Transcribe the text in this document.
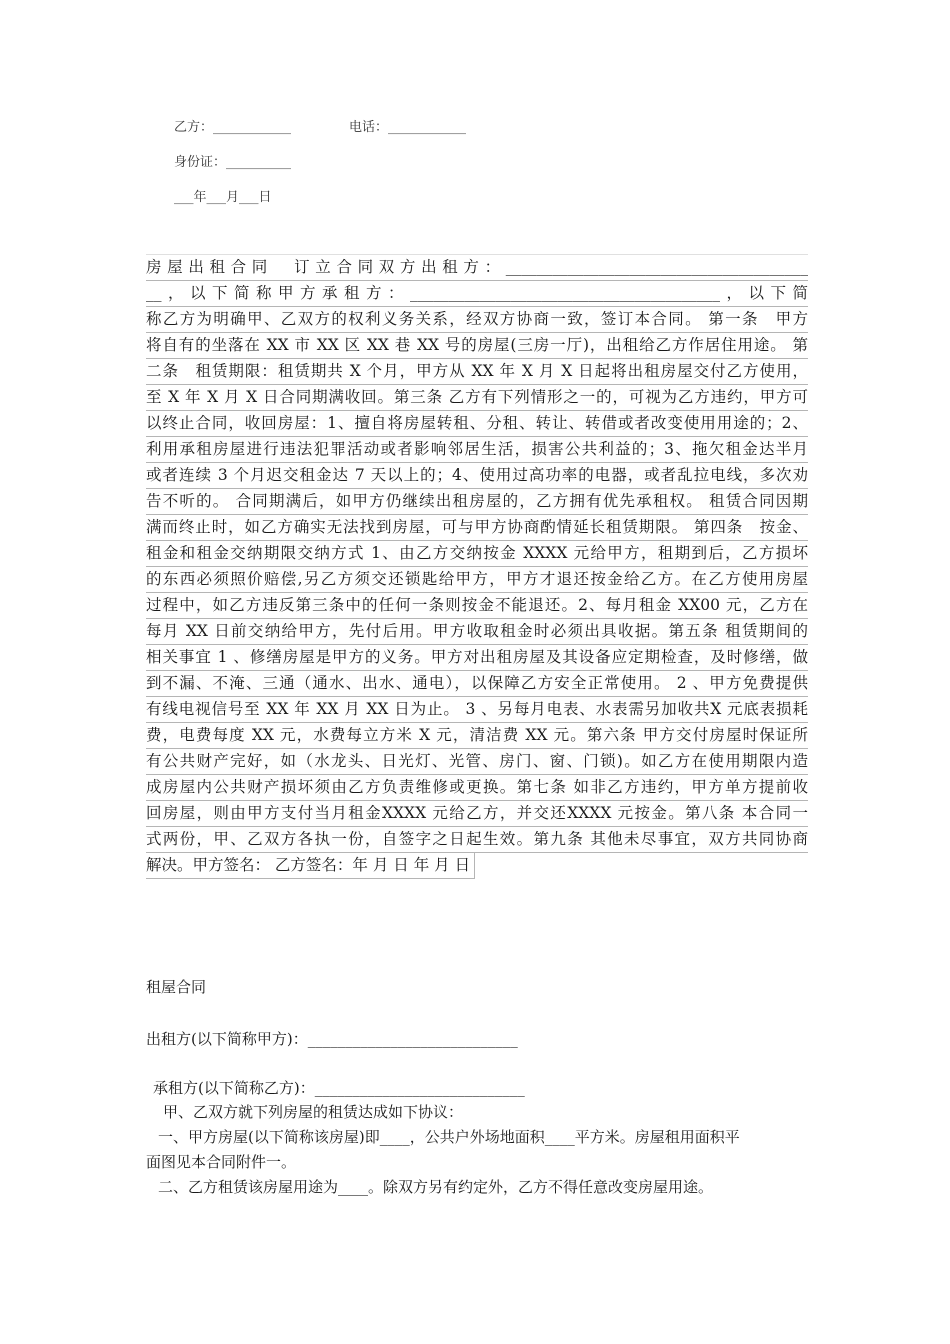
乙方：____________	电话：____________
身份证：__________
___年___月___日
房屋出租合同　订立合同双方出租方：_______________________________________
__，以下简称甲方承租方：________________________________________，以下简
称乙方为明确甲、乙双方的权利义务关系，经双方协商一致，签订本合同。 第一条　甲方
将自有的坐落在 XX 市 XX 区 XX 巷 XX 号的房屋(三房一厅)，出租给乙方作居住用途。 第
二条　租赁期限：租赁期共 X 个月，甲方从 XX 年 X 月 X 日起将出租房屋交付乙方使用，
至 X 年 X 月 X 日合同期满收回。第三条 乙方有下列情形之一的，可视为乙方违约，甲方可
以终止合同，收回房屋：1、擅自将房屋转租、分租、转让、转借或者改变使用用途的；2、
利用承租房屋进行违法犯罪活动或者影响邻居生活，损害公共利益的；3、拖欠租金达半月
或者连续 3 个月迟交租金达 7 天以上的；4、使用过高功率的电器，或者乱拉电线，多次劝
告不听的。 合同期满后，如甲方仍继续出租房屋的，乙方拥有优先承租权。 租赁合同因期
满而终止时，如乙方确实无法找到房屋，可与甲方协商酌情延长租赁期限。 第四条　按金、
租金和租金交纳期限交纳方式 1、由乙方交纳按金 XXXX 元给甲方，租期到后，乙方损坏
的东西必须照价赔偿,另乙方须交还锁匙给甲方，甲方才退还按金给乙方。在乙方使用房屋
过程中，如乙方违反第三条中的任何一条则按金不能退还。2、每月租金 XX00 元，乙方在
每月 XX 日前交纳给甲方，先付后用。甲方收取租金时必须出具收据。第五条 租赁期间的
相关事宜 1 、修缮房屋是甲方的义务。甲方对出租房屋及其设备应定期检查，及时修缮，做
到不漏、不淹、三通（通水、出水、通电），以保障乙方安全正常使用。 2 、甲方免费提供
有线电视信号至 XX 年 XX 月 XX 日为止。 3 、另每月电表、水表需另加收共X 元底表损耗
费，电费每度 XX 元，水费每立方米 X 元，清洁费 XX 元。第六条 甲方交付房屋时保证所
有公共财产完好，如（水龙头、日光灯、光管、房门、窗、门锁)。如乙方在使用期限内造
成房屋内公共财产损坏须由乙方负责维修或更换。第七条 如非乙方违约，甲方单方提前收
回房屋，则由甲方支付当月租金XXXX 元给乙方，并交还XXXX 元按金。第八条 本合同一
式两份，甲、乙双方各执一份，自签字之日起生效。第九条 其他未尽事宜，双方共同协商
解决。甲方签名： 乙方签名：年 月 日 年 月 日

租屋合同
出租方(以下简称甲方)：____________________________
承租方(以下简称乙方)：____________________________
甲、乙双方就下列房屋的租赁达成如下协议：
一、甲方房屋(以下简称该房屋)即____，公共户外场地面积____平方米。房屋租用面积平
面图见本合同附件一。
二、乙方租赁该房屋用途为____。除双方另有约定外，乙方不得任意改变房屋用途。
